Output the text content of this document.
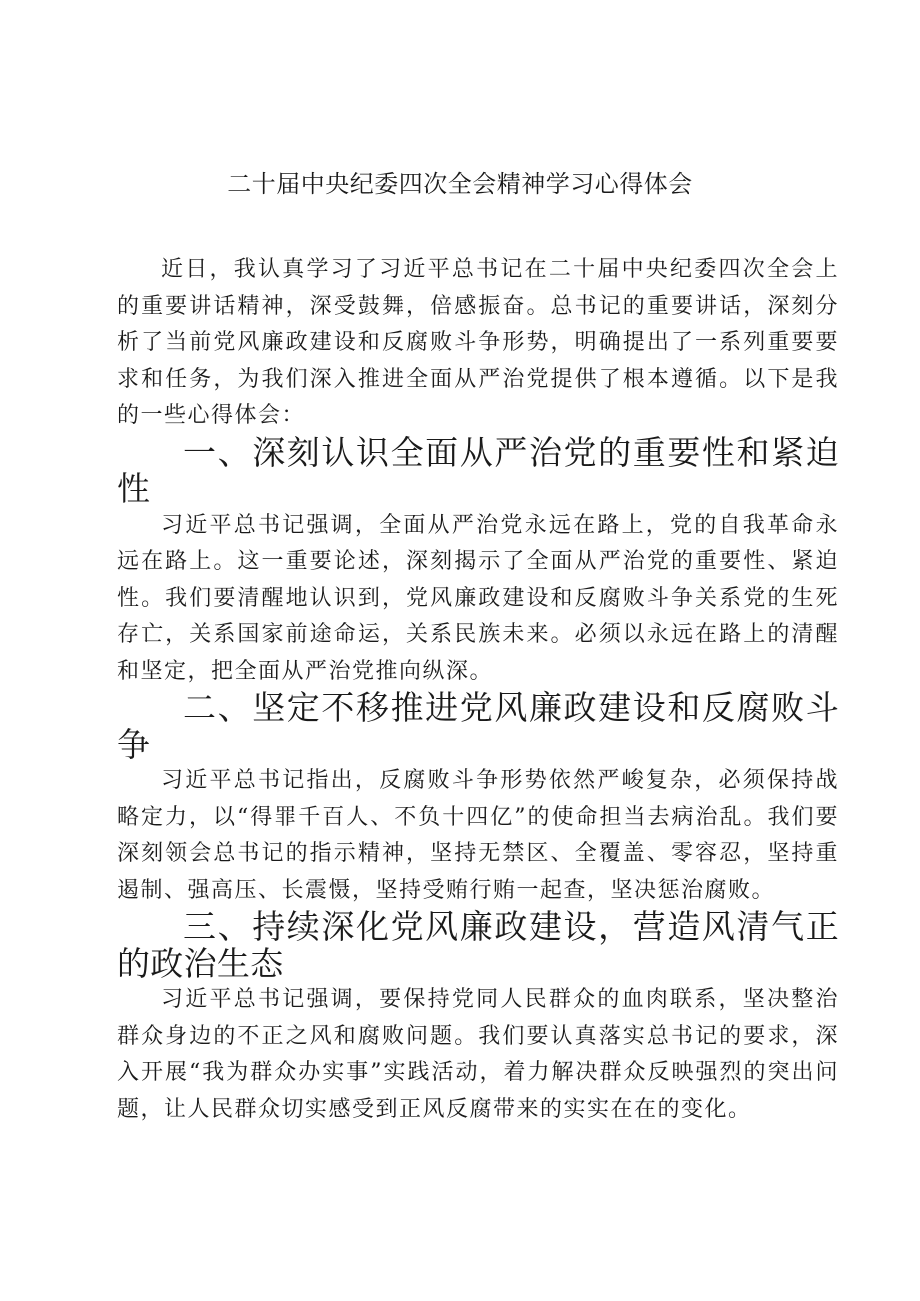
二十届中央纪委四次全会精神学习心得体会

近日，我认真学习了习近平总书记在二十届中央纪委四次全会上的重要讲话精神，深受鼓舞，倍感振奋。总书记的重要讲话，深刻分析了当前党风廉政建设和反腐败斗争形势，明确提出了一系列重要要求和任务，为我们深入推进全面从严治党提供了根本遵循。以下是我的一些心得体会：

一、深刻认识全面从严治党的重要性和紧迫性

习近平总书记强调，全面从严治党永远在路上，党的自我革命永远在路上。这一重要论述，深刻揭示了全面从严治党的重要性、紧迫性。我们要清醒地认识到，党风廉政建设和反腐败斗争关系党的生死存亡，关系国家前途命运，关系民族未来。必须以永远在路上的清醒和坚定，把全面从严治党推向纵深。

二、坚定不移推进党风廉政建设和反腐败斗争

习近平总书记指出，反腐败斗争形势依然严峻复杂，必须保持战略定力，以“得罪千百人、不负十四亿”的使命担当去病治乱。我们要深刻领会总书记的指示精神，坚持无禁区、全覆盖、零容忍，坚持重遏制、强高压、长震慑，坚持受贿行贿一起查，坚决惩治腐败。

三、持续深化党风廉政建设，营造风清气正的政治生态

习近平总书记强调，要保持党同人民群众的血肉联系，坚决整治群众身边的不正之风和腐败问题。我们要认真落实总书记的要求，深入开展“我为群众办实事”实践活动，着力解决群众反映强烈的突出问题，让人民群众切实感受到正风反腐带来的实实在在的变化。
